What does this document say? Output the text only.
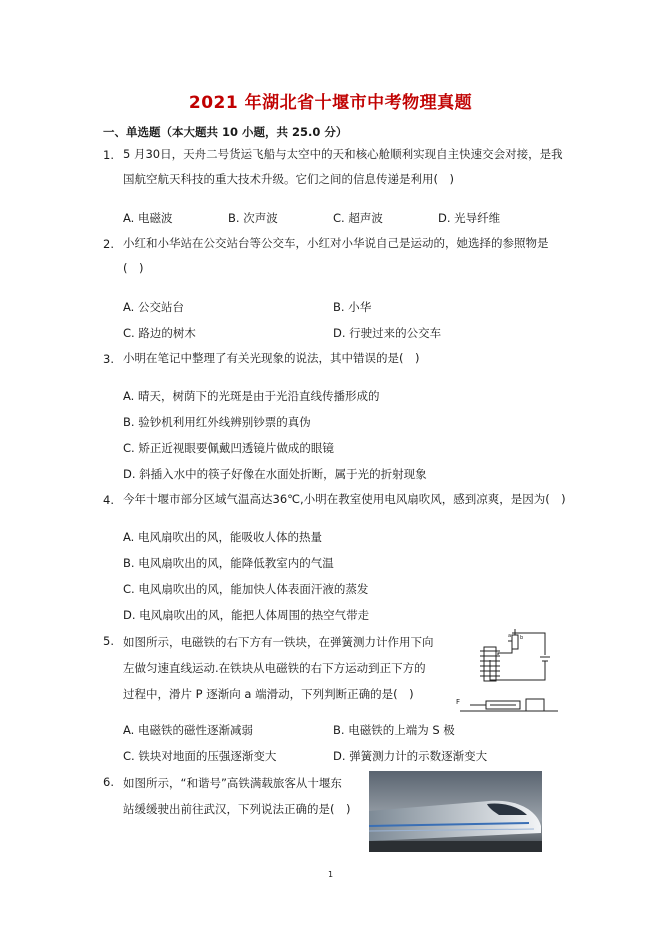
2021 年湖北省十堰市中考物理真题
一、单选题（本大题共 10 小题，共 25.0 分）
1. 5 月30日，天舟二号货运飞船与太空中的天和核心舱顺利实现自主快速交会对接，是我国航空航天科技的重大技术升级。它们之间的信息传递是利用(　)
A. 电磁波	B. 次声波	C. 超声波	D. 光导纤维
2. 小红和小华站在公交站台等公交车，小红对小华说自己是运动的，她选择的参照物是(　)
A. 公交站台	B. 小华
C. 路边的树木	D. 行驶过来的公交车
3. 小明在笔记中整理了有关光现象的说法，其中错误的是(　)
A. 晴天，树荫下的光斑是由于光沿直线传播形成的
B. 验钞机利用红外线辨别钞票的真伪
C. 矫正近视眼要佩戴凹透镜片做成的眼镜
D. 斜插入水中的筷子好像在水面处折断，属于光的折射现象
4. 今年十堰市部分区域气温高达36℃,小明在教室使用电风扇吹风，感到凉爽，是因为(　)
A. 电风扇吹出的风，能吸收人体的热量
B. 电风扇吹出的风，能降低教室内的气温
C. 电风扇吹出的风，能加快人体表面汗液的蒸发
D. 电风扇吹出的风，能把人体周围的热空气带走
5. 如图所示，电磁铁的右下方有一铁块，在弹簧测力计作用下向
左做匀速直线运动.在铁块从电磁铁的右下方运动到正下方的
过程中，滑片 P 逐渐向 a 端滑动，下列判断正确的是(　)
a b
F
A. 电磁铁的磁性逐渐减弱	B. 电磁铁的上端为 S 极
C. 铁块对地面的压强逐渐变大	D. 弹簧测力计的示数逐渐变大
6. 如图所示，“和谐号”高铁满载旅客从十堰东
站缓缓驶出前往武汉，下列说法正确的是(　)
1
